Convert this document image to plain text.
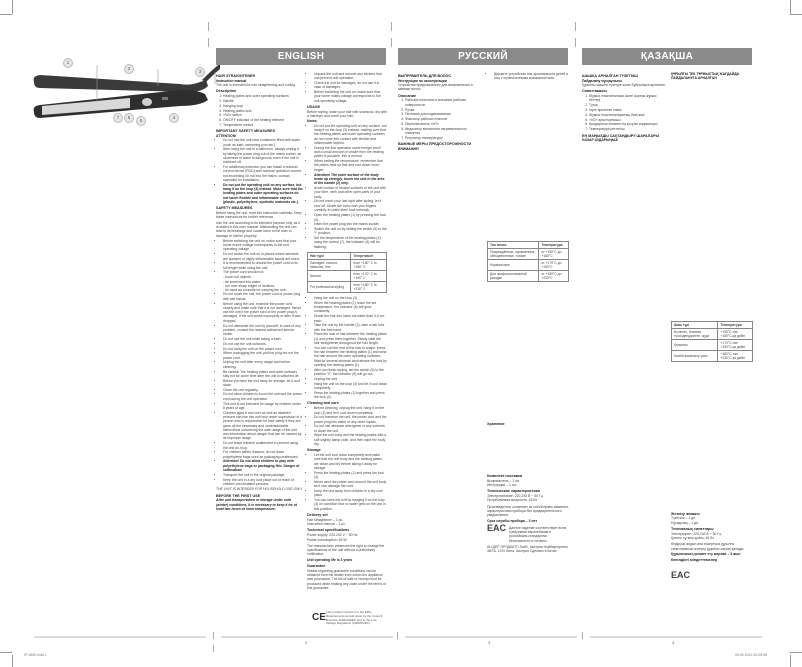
1
2
3
4
5
6
7
ENGLISH
HAIR STRAIGHTENER
Instruction manual

The unit is intended for hair straightening and curling.

Description
1. Heating plates and outer operating surfaces
2. Handle
3. Hanging loop
4. Heating plates lock
5. «I/O» switch
6. ON/OFF indicator of the heating element
7. Temperature control
IMPORTANT SAFETY MEASURES
ATTENTION!
• Do not use the unit near containers filled with water (such as bath, swimming pool etc.).
• After using the unit in a bathroom, always unplug it by taking the power plug out of the mains socket, as closeness of water is dangerous, even if the unit is switched off.
• For additional protection you can install a residual current device (RCD) with nominal operation current not exceeding 30 mA into the mains; contact specialist for installation.
• Do not put the operating unit on any surface, but hang it on the loop (3) instead. Make sure that the heating plates and outer operating surfaces do not touch flexible and inflammable objects (plastic, polyethylene, synthetic materials etc.).
SAFETY MEASURES

Before using the unit, read this instruction carefully. Keep these instructions for further reference.

Use the unit according to its intended purpose only, as it is stated in this user manual. Mishandling the unit can lead to its breakage and cause harm to the user or damage to his/her property.

• Before switching the unit on, make sure that your home mains voltage corresponds to the unit operating voltage.
• Do not switch the unit on in places where aerosols are sprayed or highly inflammable liquids are used.
• It is recommended to unwind the power cord to its full length while using the unit.
• The power cord should not:
- touch hot objects,
- be immersed into water,
- run over sharp edges of furniture,
- be used as a handle for carrying the unit.
• Do not touch the unit, the power cord or power plug with wet hands.
• Before using the unit, examine the power cord closely and make sure that it is not damaged. Never use the unit if the power cord or the power plug is damaged, if the unit works improperly or after it was dropped.
• Do not dismantle the unit by yourself; in case of any problem, contact the nearest authorized service center.
• Do not use the unit while taking a bath.
• Do not use the unit outdoors.
• Do not hang the unit on the power cord.
• When unplugging the unit, pull the plug but not the power cord.
• Unplug the unit after every usage and before cleaning.
• Be careful! The heating plates and outer surfaces stay hot for some time after the unit is switched off.
• Before you take the unit away for storage, let it cool down.
• Clean the unit regularly.
• Do not allow children to touch the unit and the power cord during the unit operation.
• This unit is not intended for usage by children under 8 years of age.
• Children aged 8 and over as well as disabled persons can use this unit only under supervision of a person who is responsible for their safety if they are given all the necessary and understandable instructions concerning the safe usage of the unit and information about danger that can be caused by its improper usage.
• Do not leave children unattended to prevent using the unit as a toy.
• For children safety reasons, do not leave polyethylene bags used as packaging unattended.
• Attention! Do not allow children to play with polyethylene bags or packaging film. Danger of suffocation!
• Transport the unit in the original package.
• Keep the unit in a dry cool place out of reach of children and disabled persons.

THE UNIT IS INTENDED FOR HOUSEHOLD USE ONLY

BEFORE THE FIRST USE

After unit transportation or storage under cold (winter) conditions, it is necessary to keep it for at least two hours at room temperature.

• Unpack the unit and remove any stickers that can prevent unit operation.
• Check the unit for damages, do not use it in case of damages.
• Before switching the unit on, make sure that your home mains voltage corresponds to the unit operating voltage.
USAGE

Before styling, wash your hair with shampoo, dry with a hairdryer and comb your hair.

Notes:
• Do not put the operating unit on any surface, but hang it on the loop (3) instead, making sure that the heating plates and outer operating surfaces do not come into contact with flexible and inflammable objects.
• During the first operation some foreign smell and a small amount of smoke from the heating plates is possible, this is normal.
• When setting the temperature, remember that the plates heat up fast and cool down much longer.
• Attention! The outer surface of the body heats up strongly, touch the unit in the area of the handle (2) only.
• Avoid contact of heated surfaces of the unit with your face, neck and other open parts of your body.
• Do not comb your hair right after styling, let it cool off. Divide the locks with your fingers carefully to make them look naturally.
• Open the heating plates (1) by pressing the lock (4) .
• Insert the power plug into the mains socket.
• Switch the unit on by setting the switch (5) to the "I" position.
• Set the temperature of the heating plates (1), using the control (7), the indicator (6) will be flashing.
Hair type	Temperature
Damaged, colored, bleached, fine	from +150° C to +180° C
Normal	from +170° C to +190° C
For professional styling	from +180° C to +230° C
• Hang the unit on the loop (3).
• When the heating plates (1) reach the set temperature, the indicator (6) will glow constantly.
• Divide the hair into locks not wider than 4-5 cm each.
• Take the unit by the handle (2), take a hair lock with the free hand.
• Place the lock of hair between the heating plates (1) and press them together. Slowly slide the hair straightener throughout the hair length.
• You can curl the end of the lock to shape, press the hair between the heating plates (1) and wind the hair around the outer operating surfaces. Wait for several seconds and release the lock by opening the heating plates (1).
• After you finish styling, set the switch (5) to the position "0", the indicator (6) will go out.
• Unplug the unit.
• Hang the unit on the loop (3) and let it cool down completely.
• Press the heating plates (1) together and press the lock (4).
Cleaning and care
• Before cleaning, unplug the unit, hang it on the loop (3) and let it cool down completely.
• Do not immerse the unit, the power cord and the power plug into water or any other liquids.
• Do not use abrasive detergents or any solvents to clean the unit.
• Wipe the unit body and the heating plates with a soft slightly damp cloth, and then wipe the body dry.
Storage
• Let the unit cool down completely and make sure that the unit body and the heating plates are clean and dry before taking it away for storage.
• Press the heating plates (1) and press the lock (4).
• Never wind the power cord around the unit body as it can damage the cord.
• Keep the unit away from children in a dry cool place.
• You can store the unit by hanging it on the loop (3) on condition that no water gets on the unit in this position.
Delivery set
Hair straightener – 1 pc.
Instruction manual – 1 pc.
Technical specifications
Power supply: 220-240 V ~ 50 Hz
Power consumption: 45 W

The manufacturer preserves the right to change the specifications of the unit without a preliminary notification.

Unit operating life is 3 years

Guarantee

Details regarding guarantee conditions can be obtained from the dealer from whom the appliance was purchased. The bill of sale or receipt must be produced when making any claim under the terms of this guarantee.

CE This product conforms to the EMC-Requirements as laid down by the Council Directive 2004/108/EC and to the Low Voltage Regulation (2006/95/EC)
РУССКИЙ
ВЫПРЯМИТЕЛЬ ДЛЯ ВОЛОС
Инструкция по эксплуатации

Устройство предназначено для выпрямления и завивки волос.

Описание
1. Рабочие пластины и внешние рабочие поверхности
2. Ручка
3. Петелька для подвешивания
4. Фиксатор рабочих пластин
5. Переключатель «I/O»
6. Индикатор включения нагревательного элемента
7. Регулятор температуры
ВАЖНЫЕ МЕРЫ ПРЕДОСТОРОЖНОСТИ
ВНИМАНИЕ!
• Держите устройство вне досягаемости детей и лиц с ограниченными возможностями.
Тип волос	Температура
Повреждённые, окрашенные, обесцвеченные, тонкие	от +150°С до +180°С
Нормальные	от +170°С до +190°С
Для профессиональной укладки	от +180°С до +230°С
Хранение
Комплект поставки
Выпрямитель – 1 шт.
Инструкция – 1 шт.
Технические характеристики
Электропитание: 220-240 В ~ 50 Гц
Потребляемая мощность: 45 Вт

Производитель оставляет за собой право изменять характеристики прибора без предварительного уведомления.

Срок службы прибора – 3 лет

EAC Данное изделие соответствует всем требуемым европейским и российским стандартам безопасности и гигиены.

АН-ДЕР ПРОДАКТС ГмбХ, Австрия Нойбаугюртель 38/7А, 1070 Вена, Австрия Сделано в Китае

ҚАЗАҚША
ШАШҚА АРНАЛҒАН ТҮЗЕТКІШ
Пайдалану нұсқаулығы

Құрылғы шашты түзетуге және бұйралауға арналған.

Сипаттамасы
1. Жұмыс пластиналары және сыртқы жұмыс беттері
2. Тұтқа
3. Ілуге арналған ілмек
4. Жұмыс пластиналарының бекіткіші
5. «I/O» ауыстырғышы
6. Қыздырғыш элементтің қосулы индикаторы
7. Температура реттегіші
ЕҢ МАҢЫЗДЫ САҚТАНДЫРУ ШАРАЛАРЫ
НАЗАР АУДАРЫҢЫЗ!

ҚҰРЫЛҒЫ ТЕК ТҰРМЫСТЫҚ ЖАҒДАЙДА ПАЙДАЛАНУҒА АРНАЛҒАН

Шаш түрі	Температура
Бүлінген, боялған, түссіздендірілген, жұқа	+150°С-тан +180°С-қа дейін
Қалыпты	+170°С-тан +190°С-қа дейін
Кәсіби жасатылу үшін	+180°С-тан +230°С-қа дейін
Жеткізу жинағы
Түзеткіш – 1 дн.
Нұсқаулық – 1 дн.
Техникалық сипаттары
Электрқорегі: 220-240 В ~ 50 Гц
Қуатты тұтыну қуаты: 45 Вт

Өндіруші алдын ала ескертусіз құрылғы сипаттамасын өзгерту құқығын сақтап қалады.

Құрылғының қызмет ету мерзімі – 3 жыл

Кепілдікті міндеттемелер
EAC
2	3	4
IP-2600.indd 1	05.09.2014 10:09:55
